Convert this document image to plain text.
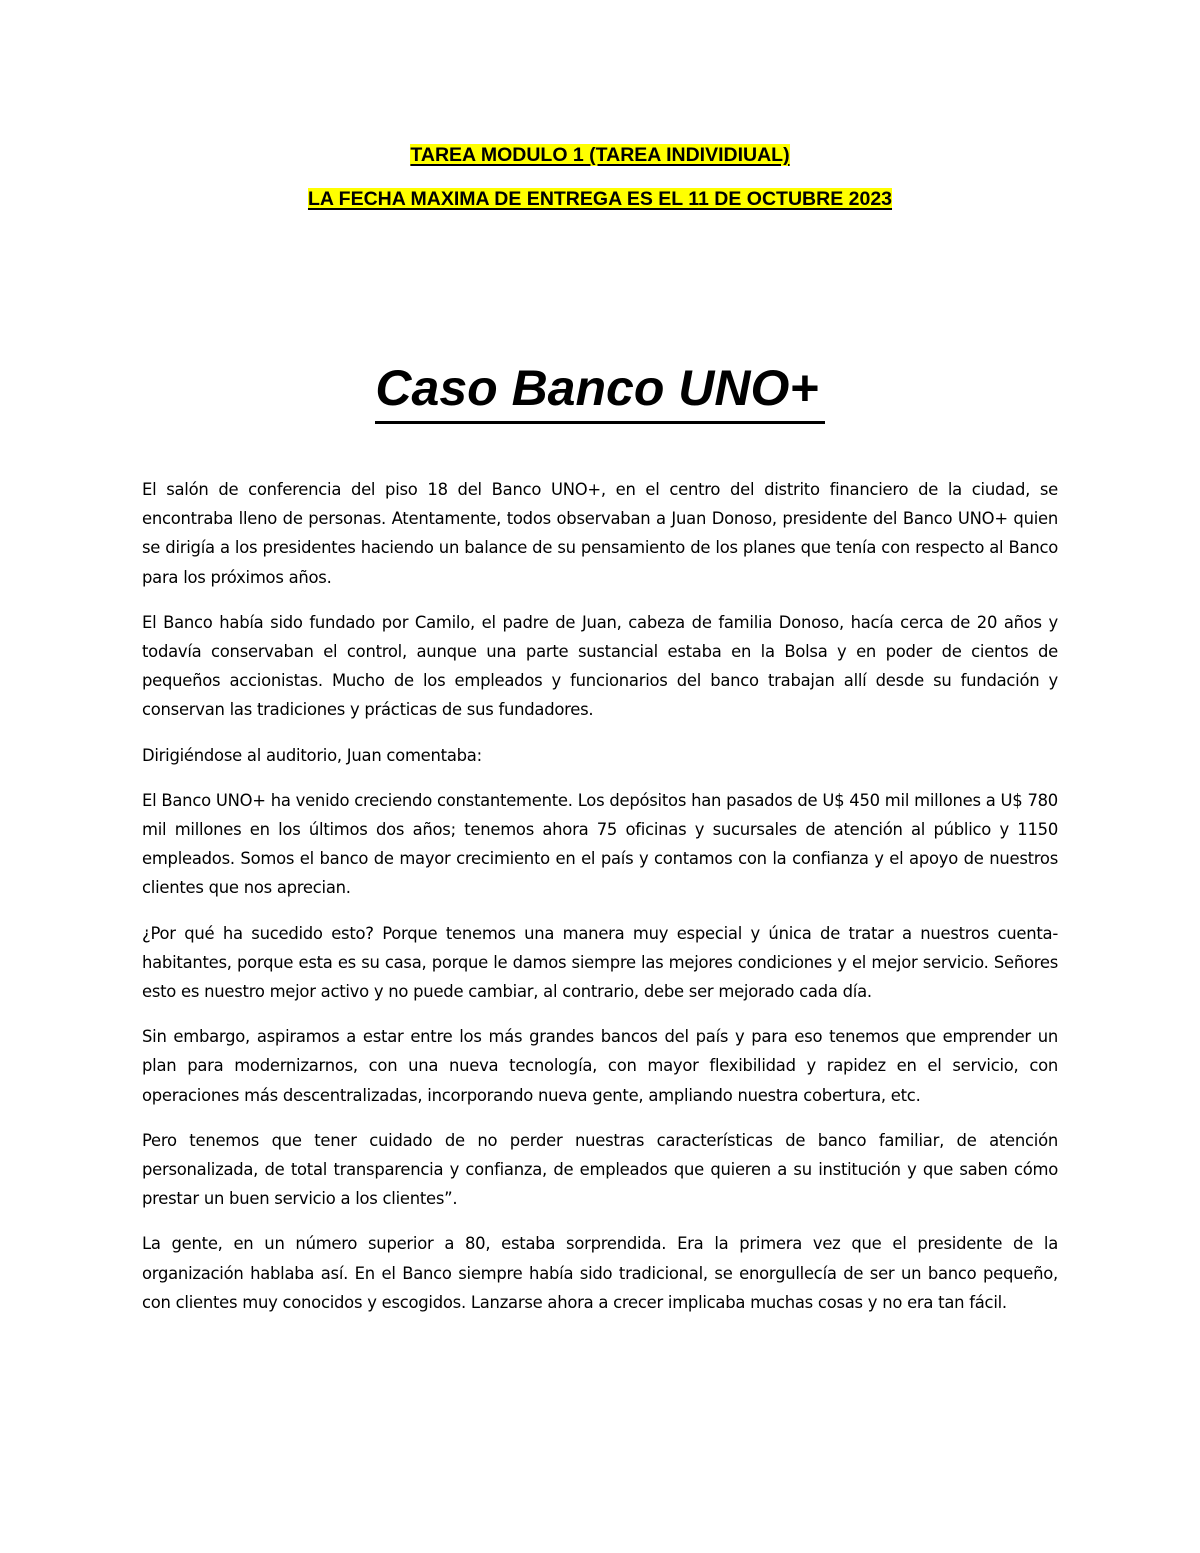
TAREA MODULO 1 (TAREA INDIVIDIUAL)
LA FECHA MAXIMA DE ENTREGA ES EL 11 DE OCTUBRE 2023
Caso Banco UNO+

El salón de conferencia del piso 18 del Banco UNO+, en el centro del distrito financiero de la ciudad, se encontraba lleno de personas. Atentamente, todos observaban a Juan Donoso, presidente del Banco UNO+ quien se dirigía a los presidentes haciendo un balance de su pensamiento de los planes que tenía con respecto al Banco para los próximos años.

El Banco había sido fundado por Camilo, el padre de Juan, cabeza de familia Donoso, hacía cerca de 20 años y todavía conservaban el control, aunque una parte sustancial estaba en la Bolsa y en poder de cientos de pequeños accionistas. Mucho de los empleados y funcionarios del banco trabajan allí desde su fundación y conservan las tradiciones y prácticas de sus fundadores.

Dirigiéndose al auditorio, Juan comentaba:

El Banco UNO+ ha venido creciendo constantemente. Los depósitos han pasados de U$ 450 mil millones a U$ 780 mil millones en los últimos dos años; tenemos ahora 75 oficinas y sucursales de atención al público y 1150 empleados. Somos el banco de mayor crecimiento en el país y contamos con la confianza y el apoyo de nuestros clientes que nos aprecian.

¿Por qué ha sucedido esto? Porque tenemos una manera muy especial y única de tratar a nuestros cuenta-habitantes, porque esta es su casa, porque le damos siempre las mejores condiciones y el mejor servicio. Señores esto es nuestro mejor activo y no puede cambiar, al contrario, debe ser mejorado cada día.

Sin embargo, aspiramos a estar entre los más grandes bancos del país y para eso tenemos que emprender un plan para modernizarnos, con una nueva tecnología, con mayor flexibilidad y rapidez en el servicio, con operaciones más descentralizadas, incorporando nueva gente, ampliando nuestra cobertura, etc.

Pero tenemos que tener cuidado de no perder nuestras características de banco familiar, de atención personalizada, de total transparencia y confianza, de empleados que quieren a su institución y que saben cómo prestar un buen servicio a los clientes”.

La gente, en un número superior a 80, estaba sorprendida. Era la primera vez que el presidente de la organización hablaba así. En el Banco siempre había sido tradicional, se enorgullecía de ser un banco pequeño, con clientes muy conocidos y escogidos. Lanzarse ahora a crecer implicaba muchas cosas y no era tan fácil.
